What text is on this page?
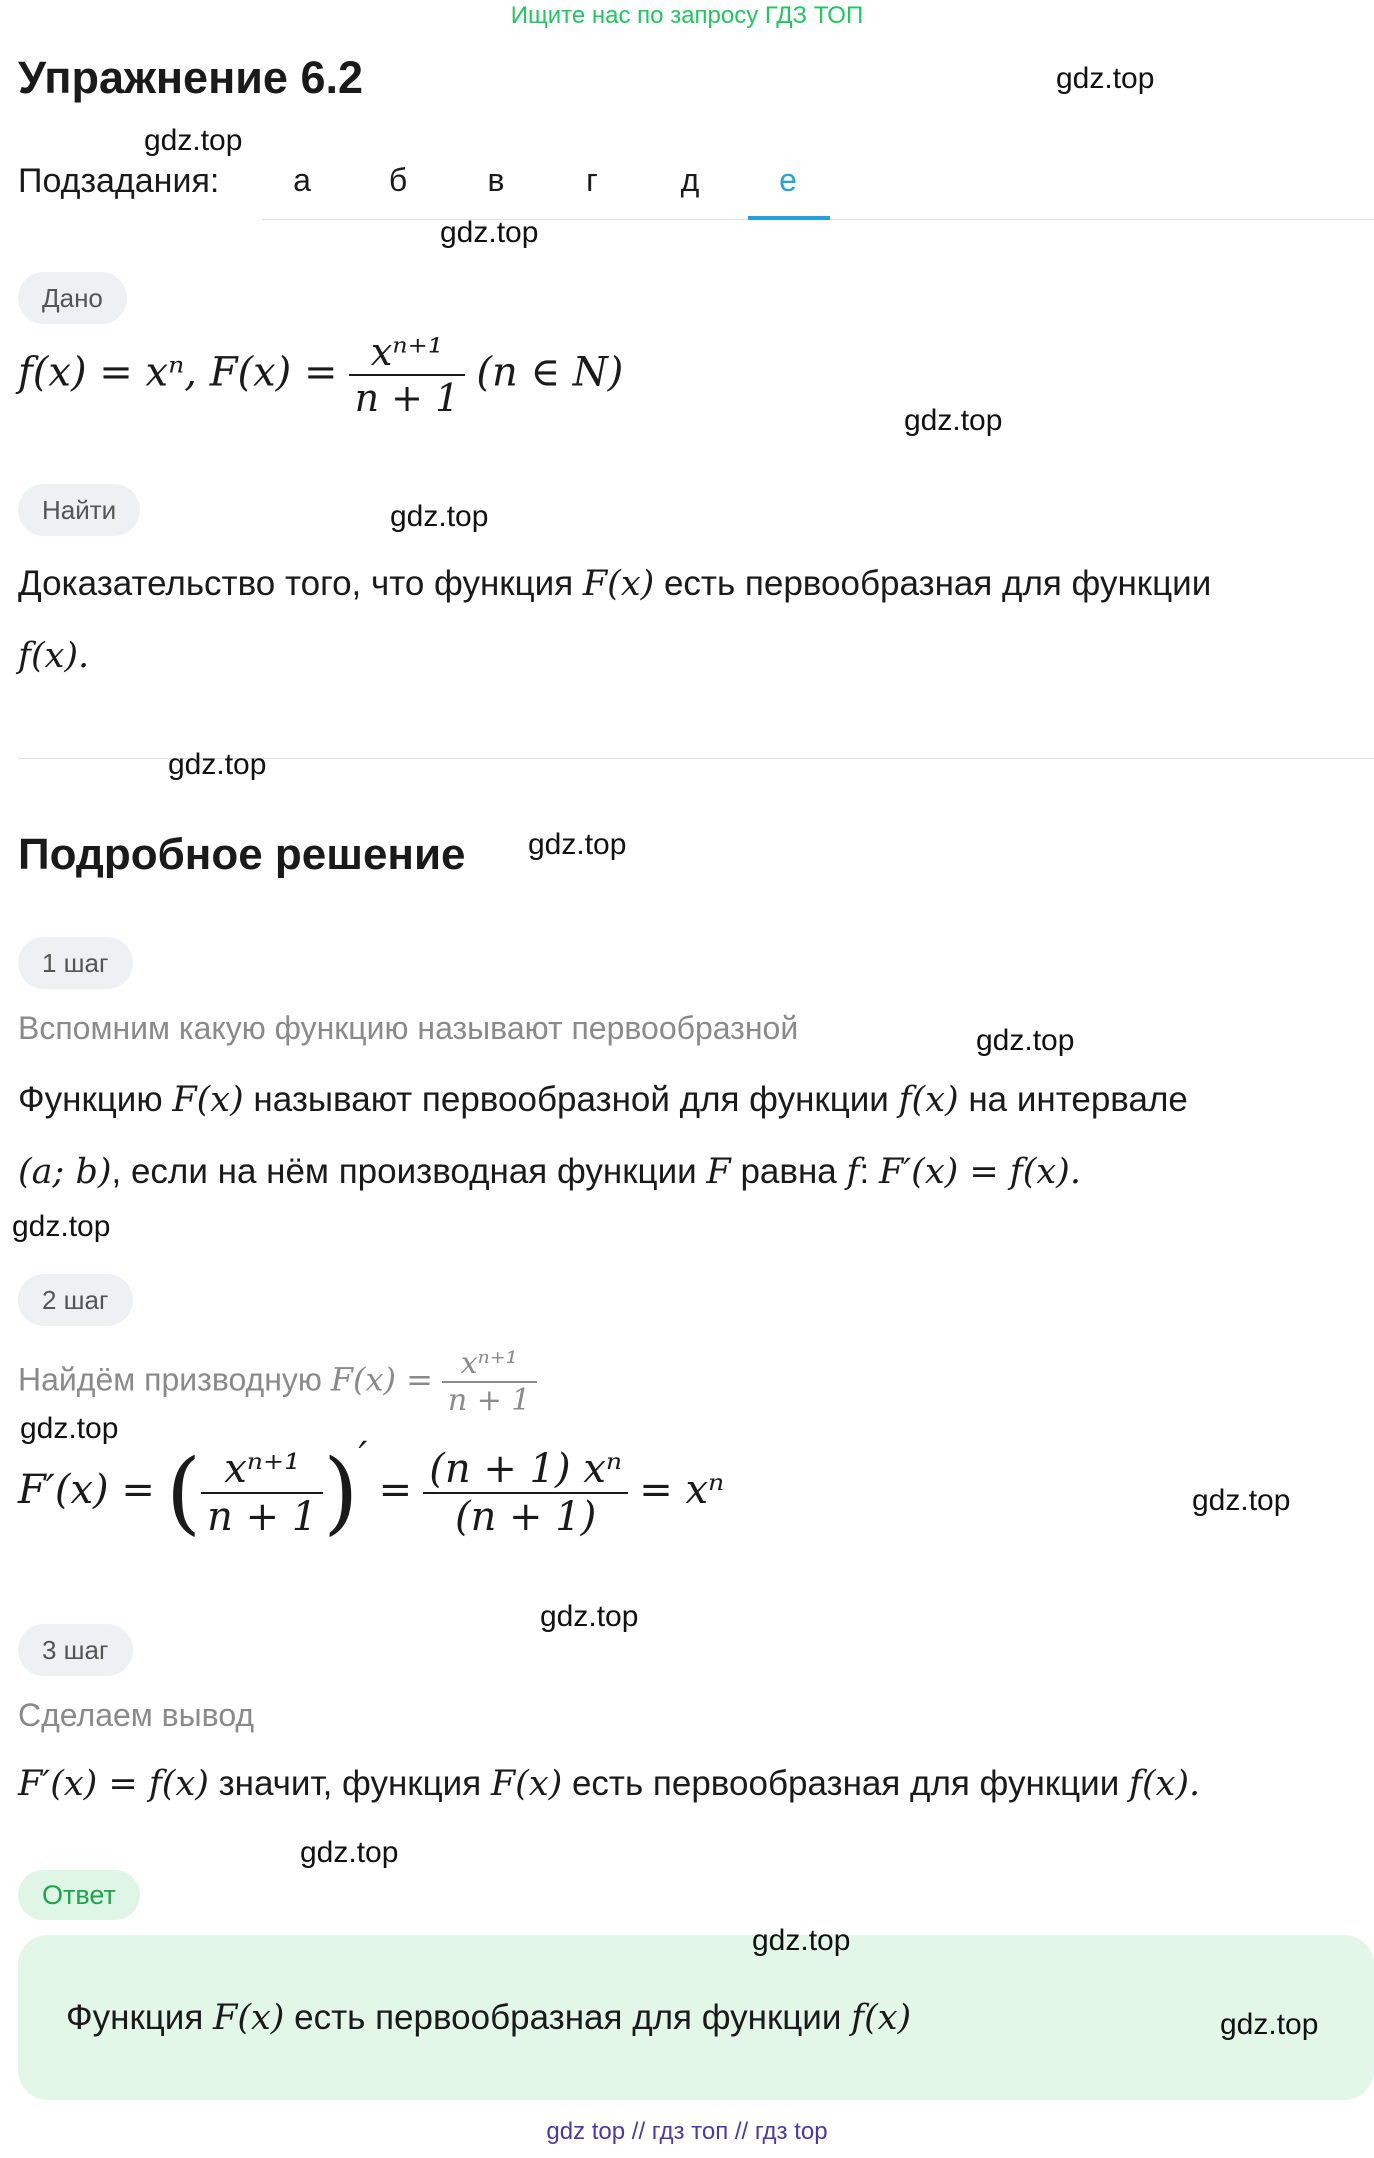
Ищите нас по запросу ГДЗ ТОП
Упражнение 6.2
Подзадания:	а	б	в	г	д	е
Дано
f(x) = xⁿ, $F(x) = \frac{\text{xⁿ⁺¹}}{n + 1} (n$ ∈ N)
Найти
Доказательство того, что функция F(x) есть первообразная для функции
f(x).
Подробное решение
1 шаг
Вспомним какую функцию называют первообразной
Функцию F(x) называют первообразной для функции f(x) на интервале
(a; b), если на нём производная функции F равна f: F′(x) = f(x).
2 шаг
Найдём призводную $F(x) = \frac{\text{xⁿ⁺¹}}{n + 1}$
F′(x) = ( $\frac{\text{xⁿ⁺¹}}{n + 1}$ )′ = $\frac{\text{(n + 1) xⁿ}}{(n + 1)} = x^n$
3 шаг
Сделаем вывод
F′(x) = f(x) значит, функция F(x) есть первообразная для функции f(x).
Ответ
Функция F(x) есть первообразная для функции f(x)
gdz.top
gdz.top
gdz.top
gdz.top
gdz.top
gdz.top
gdz.top
gdz.top
gdz.top
gdz.top
gdz.top
gdz.top
gdz.top
gdz.top
gdz.top
gdz top // гдз топ // гдз top
